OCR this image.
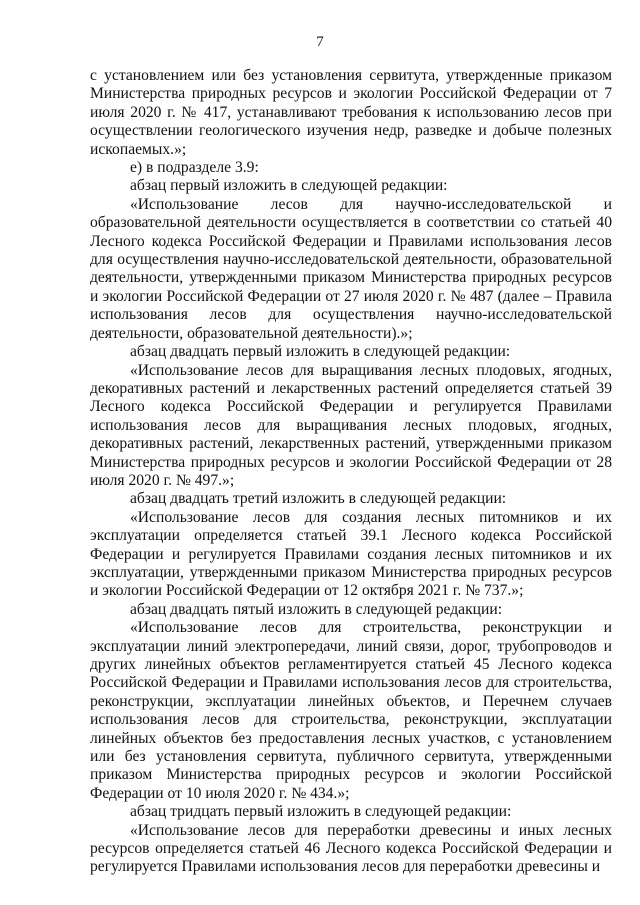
7

с установлением или без установления сервитута, утвержденные приказом Министерства природных ресурсов и экологии Российской Федерации от 7 июля 2020 г. № 417, устанавливают требования к использованию лесов при осуществлении геологического изучения недр, разведке и добыче полезных ископаемых.»;

е) в подразделе 3.9:

абзац первый изложить в следующей редакции:

«Использование лесов для научно-исследовательской и образовательной деятельности осуществляется в соответствии со статьей 40 Лесного кодекса Российской Федерации и Правилами использования лесов для осуществления научно-исследовательской деятельности, образовательной деятельности, утвержденными приказом Министерства природных ресурсов и экологии Российской Федерации от 27 июля 2020 г. № 487 (далее – Правила использования лесов для осуществления научно-исследовательской деятельности, образовательной деятельности).»;

абзац двадцать первый изложить в следующей редакции:

«Использование лесов для выращивания лесных плодовых, ягодных, декоративных растений и лекарственных растений определяется статьей 39 Лесного кодекса Российской Федерации и регулируется Правилами использования лесов для выращивания лесных плодовых, ягодных, декоративных растений, лекарственных растений, утвержденными приказом Министерства природных ресурсов и экологии Российской Федерации от 28 июля 2020 г. № 497.»;

абзац двадцать третий изложить в следующей редакции:

«Использование лесов для создания лесных питомников и их эксплуатации определяется статьей 39.1 Лесного кодекса Российской Федерации и регулируется Правилами создания лесных питомников и их эксплуатации, утвержденными приказом Министерства природных ресурсов и экологии Российской Федерации от 12 октября 2021 г. № 737.»;

абзац двадцать пятый изложить в следующей редакции:

«Использование лесов для строительства, реконструкции и эксплуатации линий электропередачи, линий связи, дорог, трубопроводов и других линейных объектов регламентируется статьей 45 Лесного кодекса Российской Федерации и Правилами использования лесов для строительства, реконструкции, эксплуатации линейных объектов, и Перечнем случаев использования лесов для строительства, реконструкции, эксплуатации линейных объектов без предоставления лесных участков, с установлением или без установления сервитута, публичного сервитута, утвержденными приказом Министерства природных ресурсов и экологии Российской Федерации от 10 июля 2020 г. № 434.»;

абзац тридцать первый изложить в следующей редакции:

«Использование лесов для переработки древесины и иных лесных ресурсов определяется статьей 46 Лесного кодекса Российской Федерации и регулируется Правилами использования лесов для переработки древесины и
